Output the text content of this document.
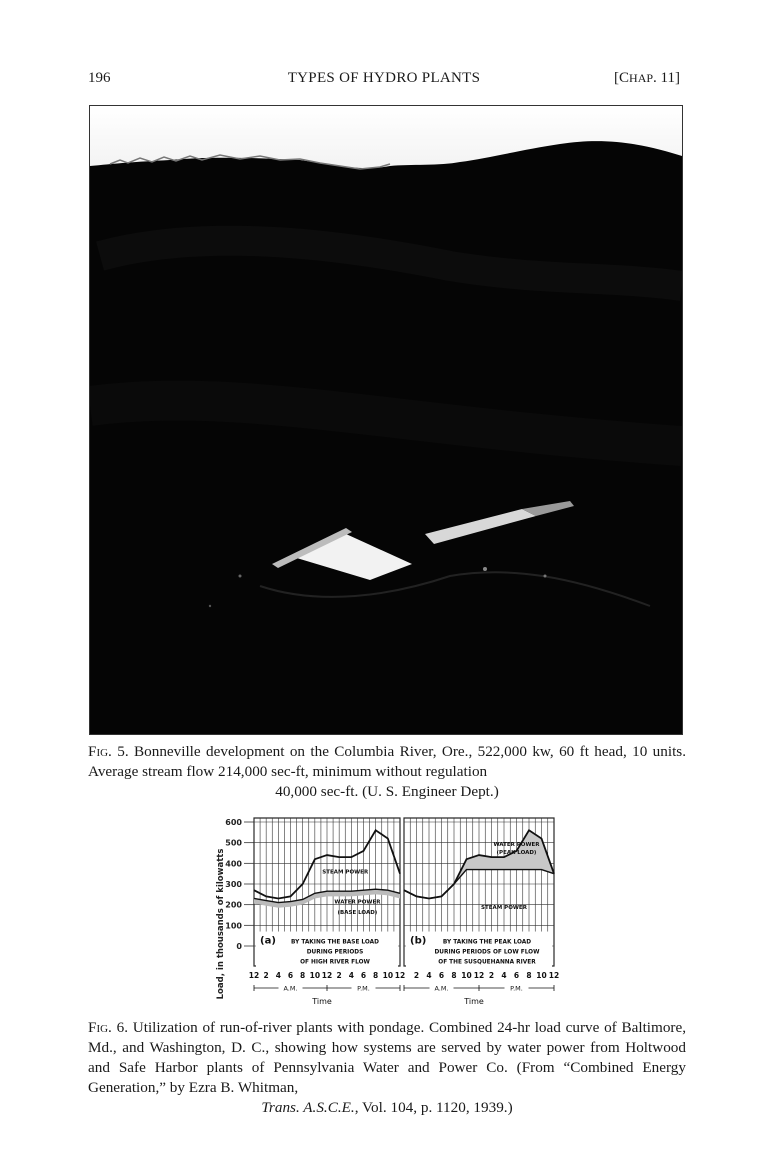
196	TYPES OF HYDRO PLANTS	[CHAP. 11]
Fig. 5. Bonneville development on the Columbia River, Ore., 522,000 kw, 60 ft head, 10 units. Average stream flow 214,000 sec-ft, minimum without regulation
40,000 sec-ft. (U. S. Engineer Dept.)
Load, in thousands of kilowatts 0
100
200
300
400
500
600
STEAM POWER
WATER POWER
(BASE LOAD)
(a)	BY TAKING THE BASE LOAD
DURING PERIODS
OF HIGH RIVER FLOW
12 2 4 6 8 10 12 2 4 6 8 10 12
A.M.	P.M.
Time
WATER POWER
(PEAK LOAD)
STEAM POWER
(b)	BY TAKING THE PEAK LOAD
DURING PERIODS OF LOW FLOW
OF THE SUSQUEHANNA RIVER
2 4 6 8 10 12 2 4 6 8 10 12
A.M.	P.M.
Time
Fig. 6. Utilization of run-of-river plants with pondage. Combined 24-hr load curve of Baltimore, Md., and Washington, D. C., showing how systems are served by water power from Holtwood and Safe Harbor plants of Pennsylvania Water and Power Co. (From “Combined Energy Generation,” by Ezra B. Whitman,
Trans. A.S.C.E., Vol. 104, p. 1120, 1939.)
